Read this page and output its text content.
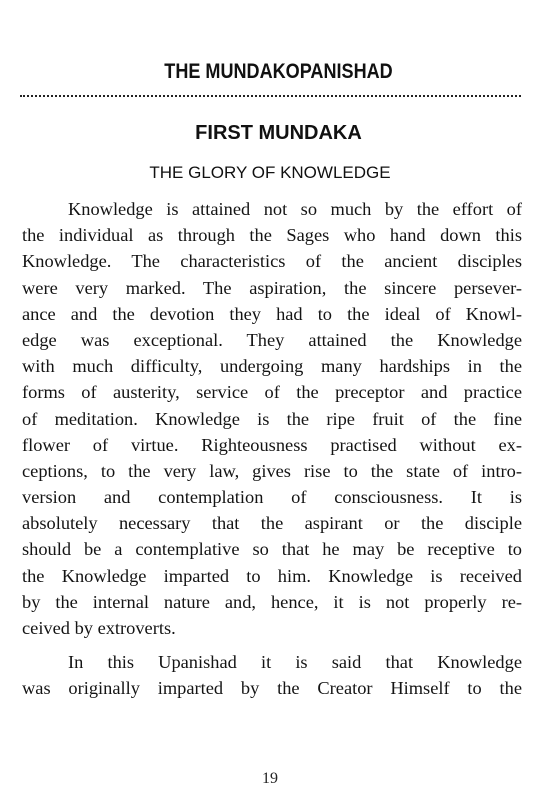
THE MUNDAKOPANISHAD
FIRST MUNDAKA
THE GLORY OF KNOWLEDGE
Knowledge is attained not so much by the effort of
the individual as through the Sages who hand down this
Knowledge. The characteristics of the ancient disciples
were very marked. The aspiration, the sincere persever-
ance and the devotion they had to the ideal of Knowl-
edge was exceptional. They attained the Knowledge
with much difficulty, undergoing many hardships in the
forms of austerity, service of the preceptor and practice
of meditation. Knowledge is the ripe fruit of the fine
flower of virtue. Righteousness practised without ex-
ceptions, to the very law, gives rise to the state of intro-
version and contemplation of consciousness. It is
absolutely necessary that the aspirant or the disciple
should be a contemplative so that he may be receptive to
the Knowledge imparted to him. Knowledge is received
by the internal nature and, hence, it is not properly re-
ceived by extroverts.
In this Upanishad it is said that Knowledge
was originally imparted by the Creator Himself to the
19
